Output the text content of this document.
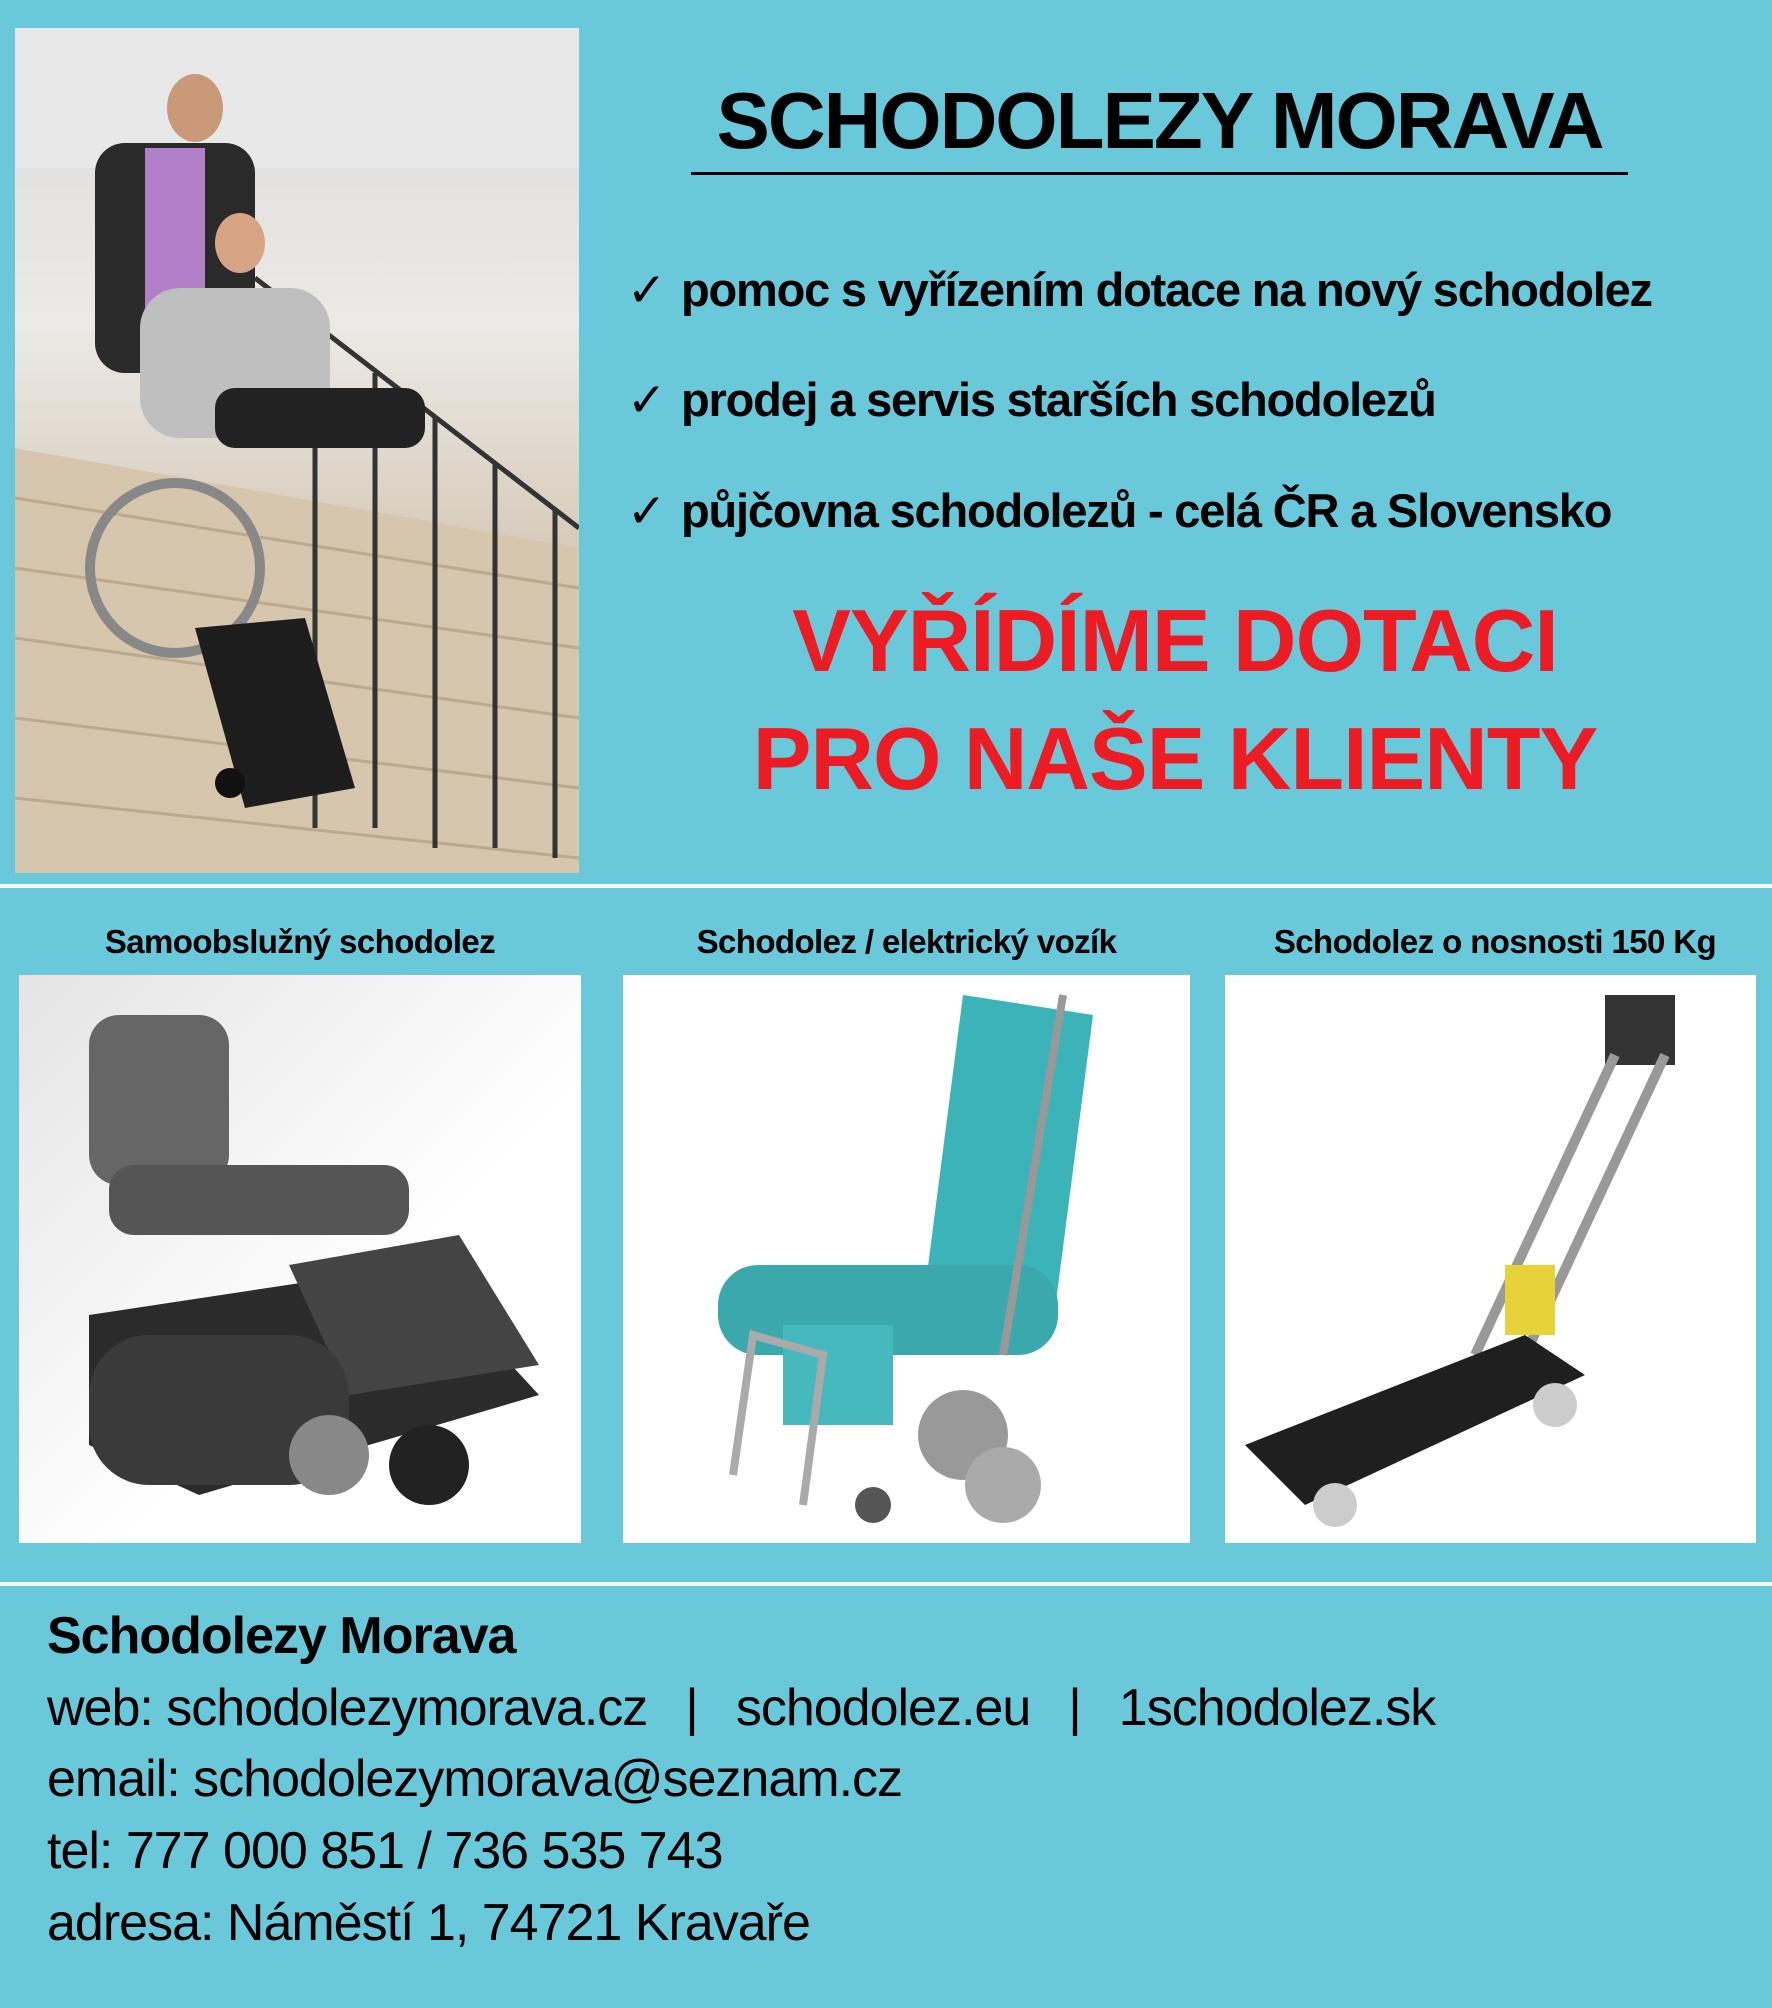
SCHODOLEZY MORAVA
✓ pomoc s vyřízením dotace na nový schodolez
✓ prodej a servis starších schodolezů
✓ půjčovna schodolezů - celá ČR a Slovensko
VYŘÍDÍME DOTACI
PRO NAŠE KLIENTY
Samoobslužný schodolez	Schodolez / elektrický vozík	Schodolez o nosnosti 150 Kg
Schodolezy Morava
web: schodolezymorava.cz | schodolez.eu | 1schodolez.sk
email: schodolezymorava@seznam.cz
tel: 777 000 851 / 736 535 743
adresa: Náměstí 1, 74721 Kravaře
